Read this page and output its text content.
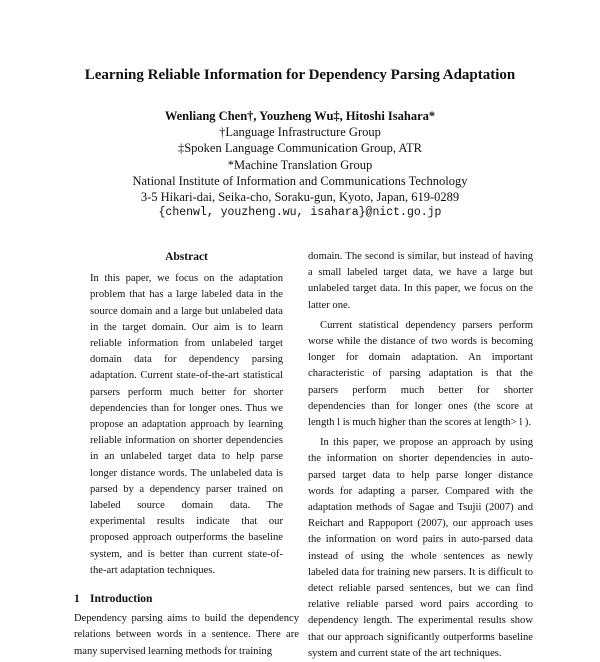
Learning Reliable Information for Dependency Parsing Adaptation
Wenliang Chen†, Youzheng Wu‡, Hitoshi Isahara*
†Language Infrastructure Group
‡Spoken Language Communication Group, ATR
*Machine Translation Group
National Institute of Information and Communications Technology
3-5 Hikari-dai, Seika-cho, Soraku-gun, Kyoto, Japan, 619-0289
{chenwl, youzheng.wu, isahara}@nict.go.jp
Abstract

In this paper, we focus on the adaptation problem that has a large labeled data in the source domain and a large but unlabeled data in the target domain. Our aim is to learn reliable information from unlabeled target domain data for dependency parsing adaptation. Current state-of-the-art statistical parsers perform much better for shorter dependencies than for longer ones. Thus we propose an adaptation approach by learning reliable information on shorter dependencies in an unlabeled target data to help parse longer distance words. The unlabeled data is parsed by a dependency parser trained on labeled source domain data. The experimental results indicate that our proposed approach outperforms the baseline system, and is better than current state-of-the-art adaptation techniques.

1 Introduction

Dependency parsing aims to build the dependency relations between words in a sentence. There are many supervised learning methods for training

domain. The second is similar, but instead of having a small labeled target data, we have a large but unlabeled target data. In this paper, we focus on the latter one.

Current statistical dependency parsers perform worse while the distance of two words is becoming longer for domain adaptation. An important characteristic of parsing adaptation is that the parsers perform much better for shorter dependencies than for longer ones (the score at length l is much higher than the scores at length> l ).

In this paper, we propose an approach by using the information on shorter dependencies in auto-parsed target data to help parse longer distance words for adapting a parser. Compared with the adaptation methods of Sagae and Tsujii (2007) and Reichart and Rappoport (2007), our approach uses the information on word pairs in auto-parsed data instead of using the whole sentences as newly labeled data for training new parsers. It is difficult to detect reliable parsed sentences, but we can find relative reliable parsed word pairs according to dependency length. The experimental results show that our approach significantly outperforms baseline system and current state of the art techniques.
